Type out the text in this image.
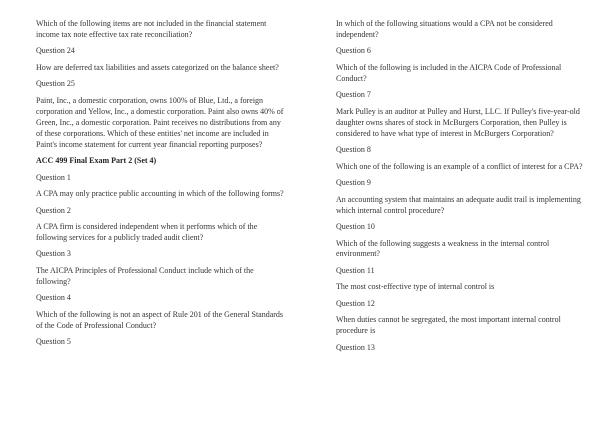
Which of the following items are not included in the financial statement income tax note effective tax rate reconciliation?

Question 24

How are deferred tax liabilities and assets categorized on the balance sheet?

Question 25

Paint, Inc., a domestic corporation, owns 100% of Blue, Ltd., a foreign corporation and Yellow, Inc., a domestic corporation. Paint also owns 40% of Green, Inc., a domestic corporation. Paint receives no distributions from any of these corporations. Which of these entities' net income are included in Paint's income statement for current year financial reporting purposes?

ACC 499 Final Exam Part 2 (Set 4)

Question 1

A CPA may only practice public accounting in which of the following forms?

Question 2

A CPA firm is considered independent when it performs which of the following services for a publicly traded audit client?

Question 3

The AICPA Principles of Professional Conduct include which of the following?

Question 4

Which of the following is not an aspect of Rule 201 of the General Standards of the Code of Professional Conduct?

Question 5

In which of the following situations would a CPA not be considered independent?

Question 6

Which of the following is included in the AICPA Code of Professional Conduct?

Question 7

Mark Pulley is an auditor at Pulley and Hurst, LLC. If Pulley's five-year-old daughter owns shares of stock in McBurgers Corporation, then Pulley is considered to have what type of interest in McBurgers Corporation?

Question 8

Which one of the following is an example of a conflict of interest for a CPA?

Question 9

An accounting system that maintains an adequate audit trail is implementing which internal control procedure?

Question 10

Which of the following suggests a weakness in the internal control environment?

Question 11

The most cost-effective type of internal control is

Question 12

When duties cannot be segregated, the most important internal control procedure is

Question 13
